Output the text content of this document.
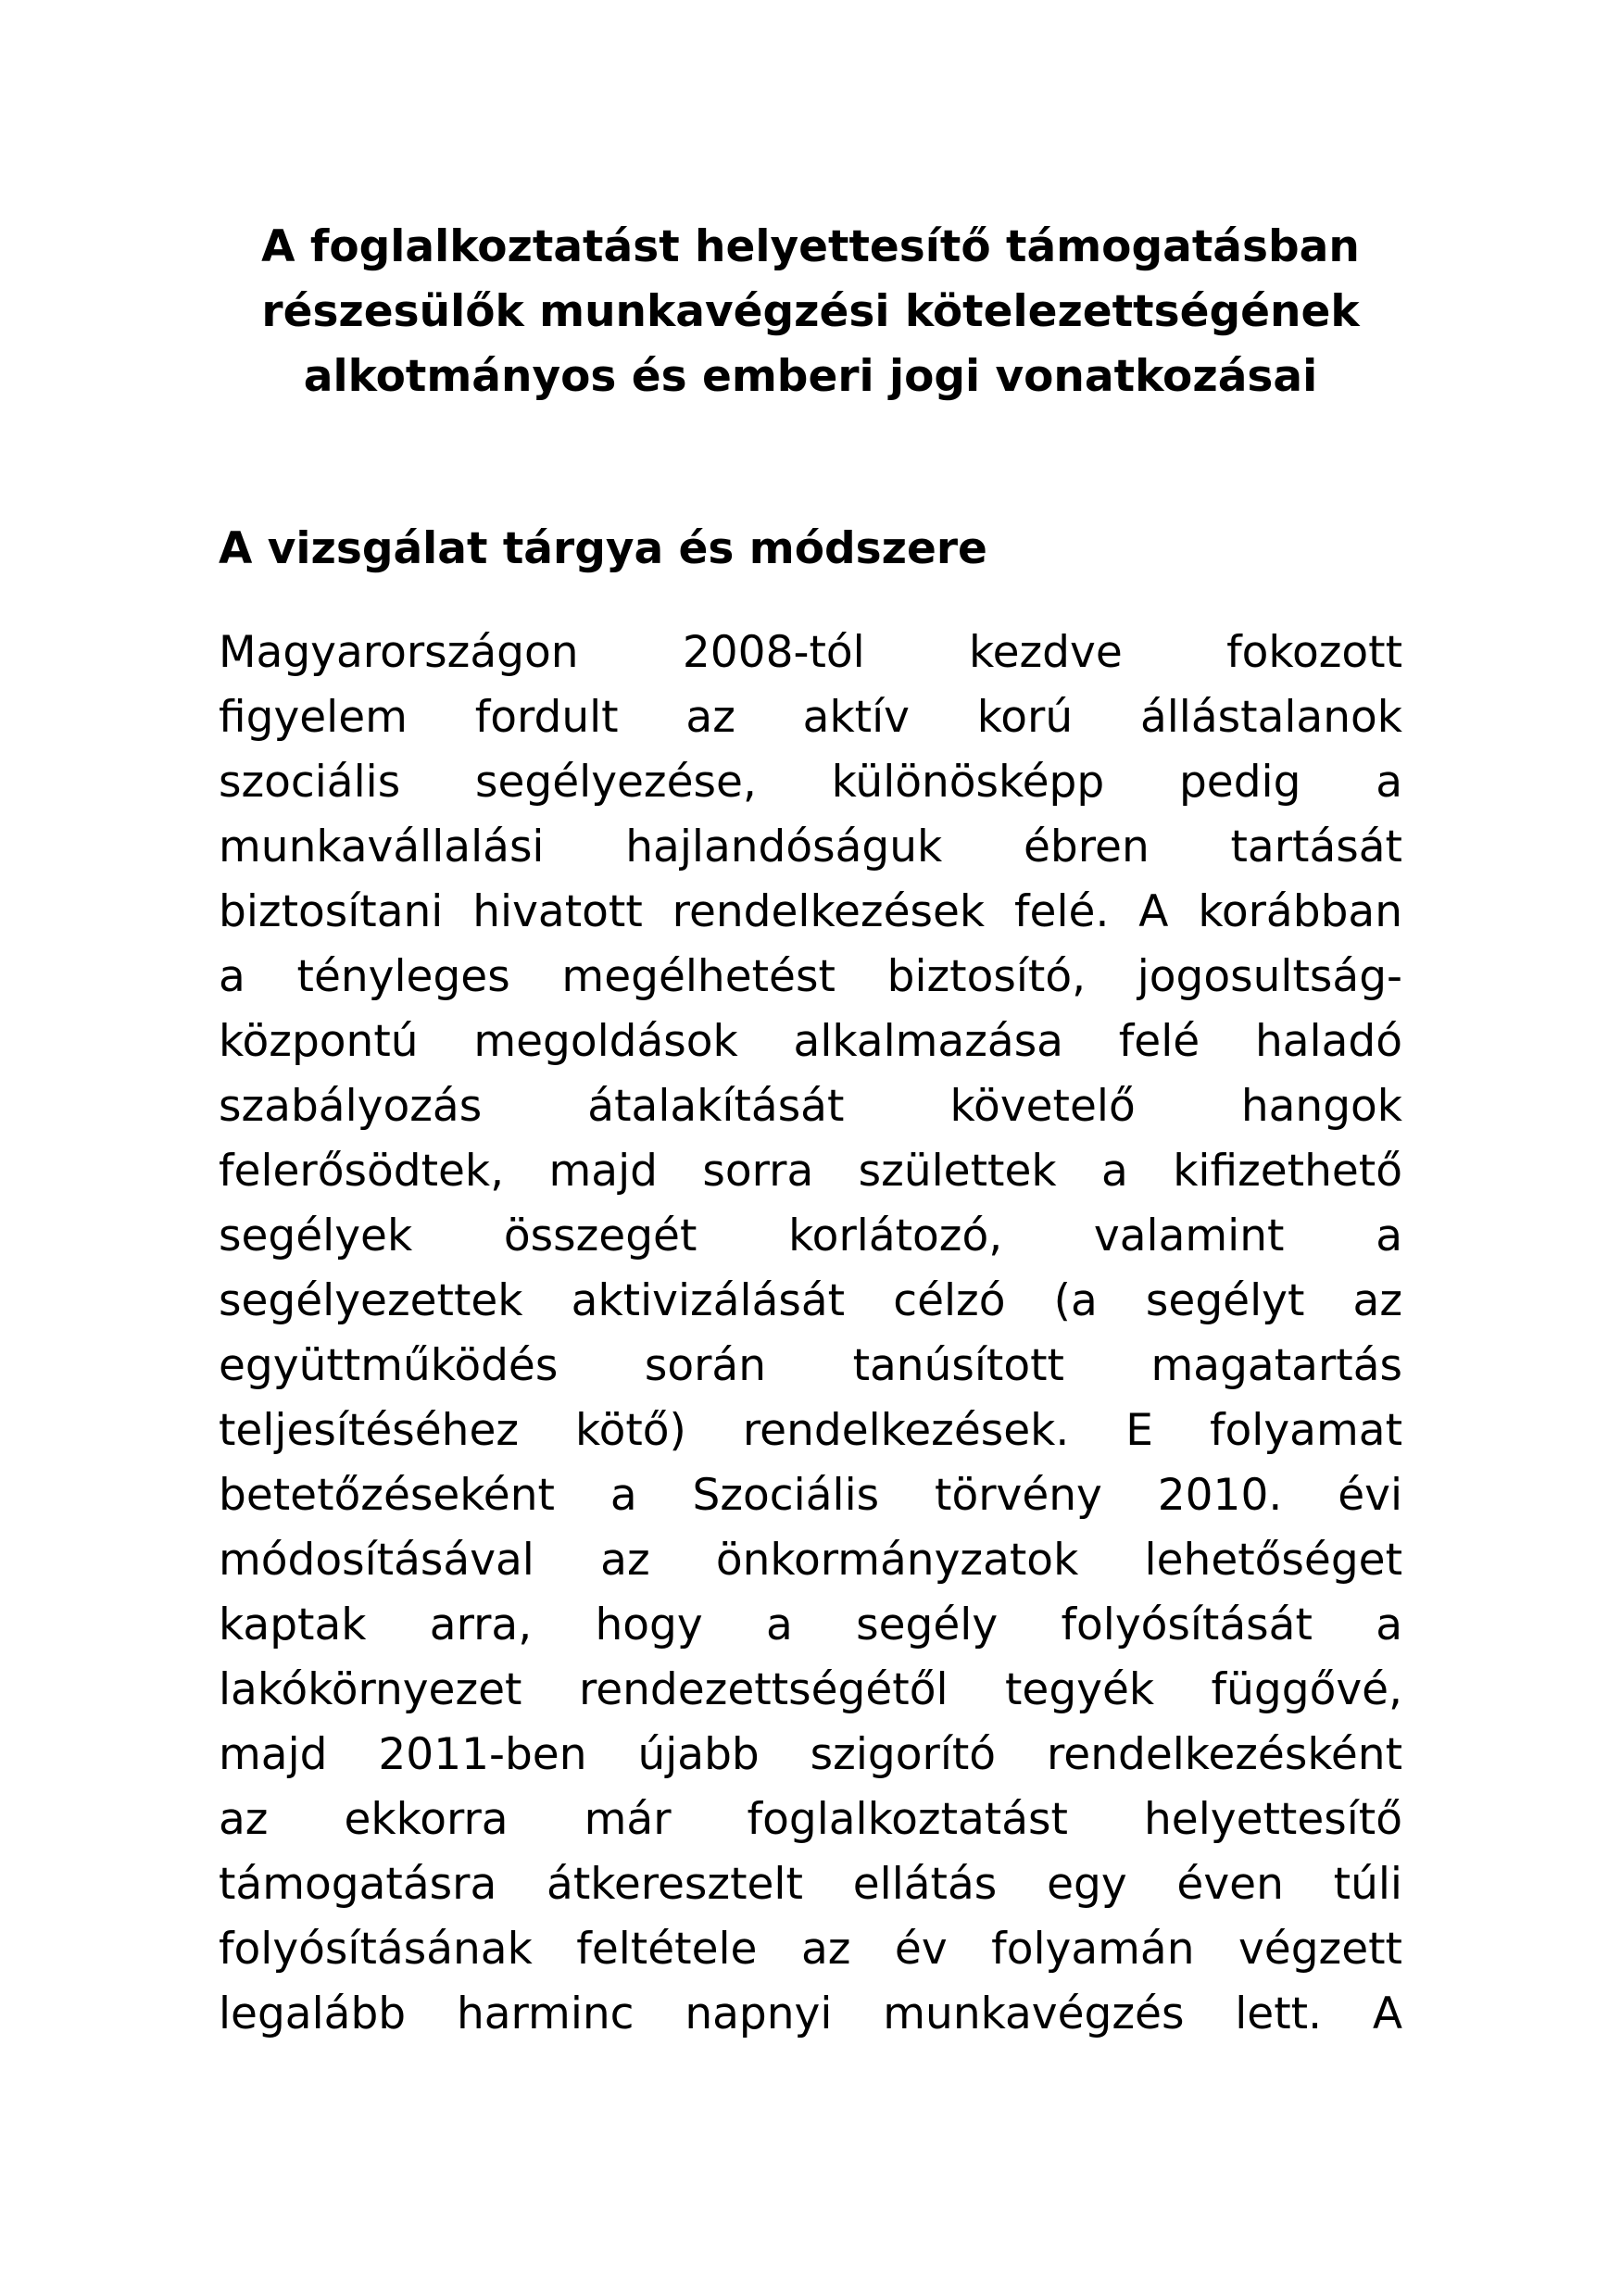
A foglalkoztatást helyettesítő támogatásban
részesülők munkavégzési kötelezettségének
alkotmányos és emberi jogi vonatkozásai
A vizsgálat tárgya és módszere
Magyarországon 2008-tól kezdve fokozott
figyelem fordult az aktív korú állástalanok
szociális segélyezése, különösképp pedig a
munkavállalási hajlandóságuk ébren tartását
biztosítani hivatott rendelkezések felé. A korábban
a tényleges megélhetést biztosító, jogosultság-
központú megoldások alkalmazása felé haladó
szabályozás átalakítását követelő hangok
felerősödtek, majd sorra születtek a kifizethető
segélyek összegét korlátozó, valamint a
segélyezettek aktivizálását célzó (a segélyt az
együttműködés során tanúsított magatartás
teljesítéséhez kötő) rendelkezések. E folyamat
betetőzéseként a Szociális törvény 2010. évi
módosításával az önkormányzatok lehetőséget
kaptak arra, hogy a segély folyósítását a
lakókörnyezet rendezettségétől tegyék függővé,
majd 2011-ben újabb szigorító rendelkezésként
az ekkorra már foglalkoztatást helyettesítő
támogatásra átkeresztelt ellátás egy éven túli
folyósításának feltétele az év folyamán végzett
legalább harminc napnyi munkavégzés lett. A
